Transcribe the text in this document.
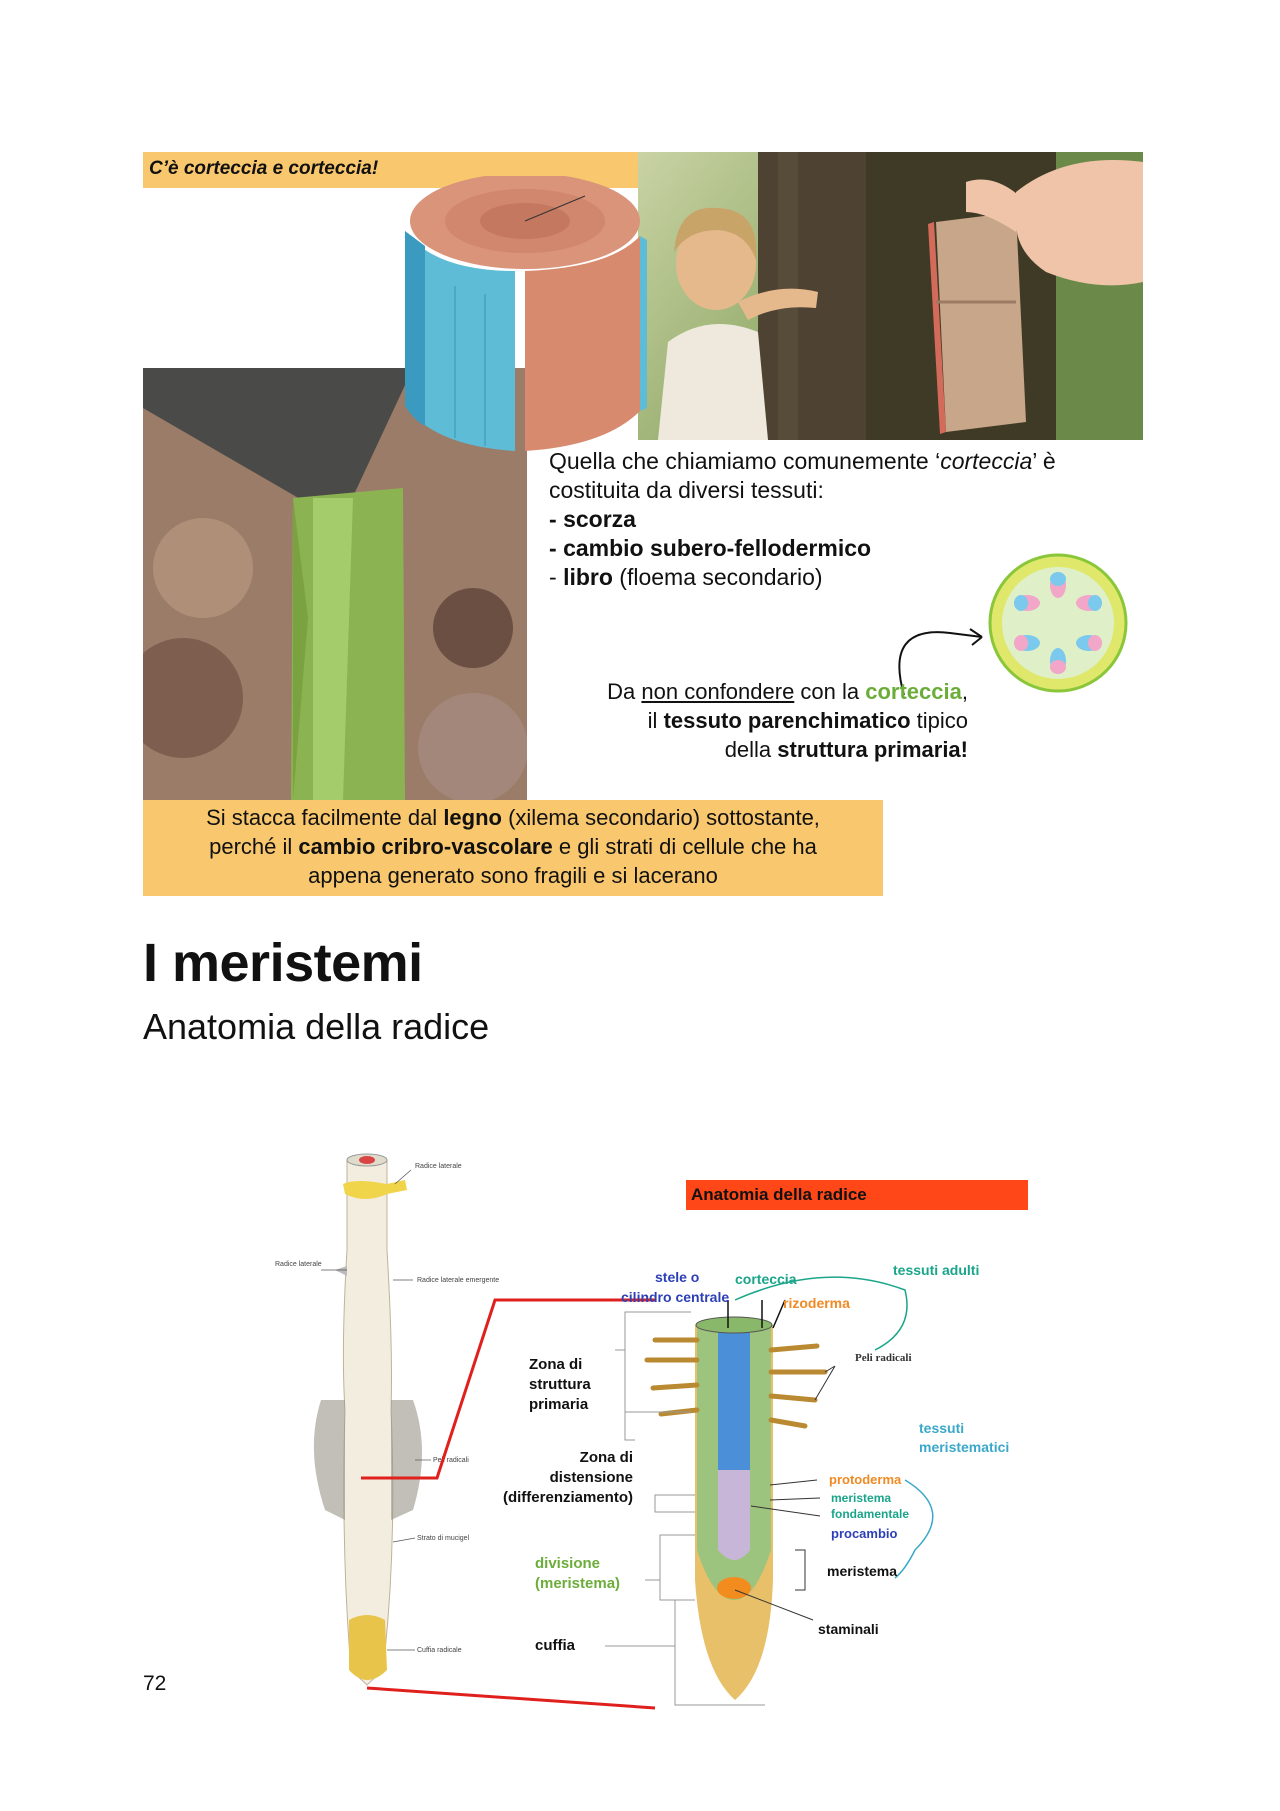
C’è corteccia e corteccia!
Quella che chiamiamo comunemente ‘corteccia’ è
costituita da diversi tessuti:
- scorza
- cambio subero-fellodermico
- libro (floema secondario)
Da non confondere con la corteccia,
il tessuto parenchimatico tipico
della struttura primaria!
Si stacca facilmente dal legno (xilema secondario) sottostante,
perché il cambio cribro-vascolare e gli strati di cellule che ha
appena generato sono fragili e si lacerano
I meristemi
Anatomia della radice
Radice laterale
Radice laterale
Radice laterale emergente
Peli radicali
Strato di mucigel
Cuffia radicale
stele o cilindro centrale
corteccia
rizoderma
tessuti adulti
Peli radicali
tessuti meristematici
protoderma
meristema fondamentale
procambio
meristema
staminali
Zona di struttura primaria
Zona di distensione (differenziamento)
divisione (meristema)
cuffia
Anatomia della radice
72
